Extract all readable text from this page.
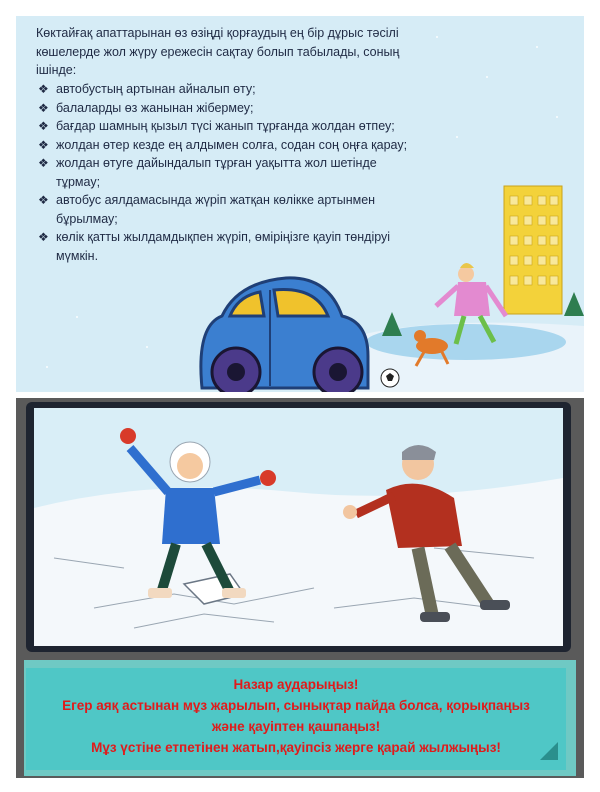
Көктайғақ апаттарынан өз өзіңді қорғаудың ең бір дұрыс тәсілі көшелерде жол жүру ережесін сақтау болып табылады, соның ішінде:
❖ автобустың артынан айналып өту;
❖ балаларды өз жанынан жібермеу;
❖ бағдар шамның қызыл түсі жанып тұрғанда жолдан өтпеу;
❖ жолдан өтер кезде ең алдымен солға, содан соң оңға қарау;
❖ жолдан өтуге дайындалып тұрған уақытта жол шетінде тұрмау;
❖ автобус аялдамасында жүріп жатқан көлікке артынмен бұрылмау;
❖ көлік қатты жылдамдықпен жүріп, өміріңізге қауіп төндіруі мүмкін.
Назар аударыңыз!
Егер аяқ астынан мұз жарылып, сынықтар пайда болса, қорықпаңыз
және қауіптен қашпаңыз!
Мұз үстіне етпетінен жатып,қауіпсіз жерге қарай жылжыңыз!
